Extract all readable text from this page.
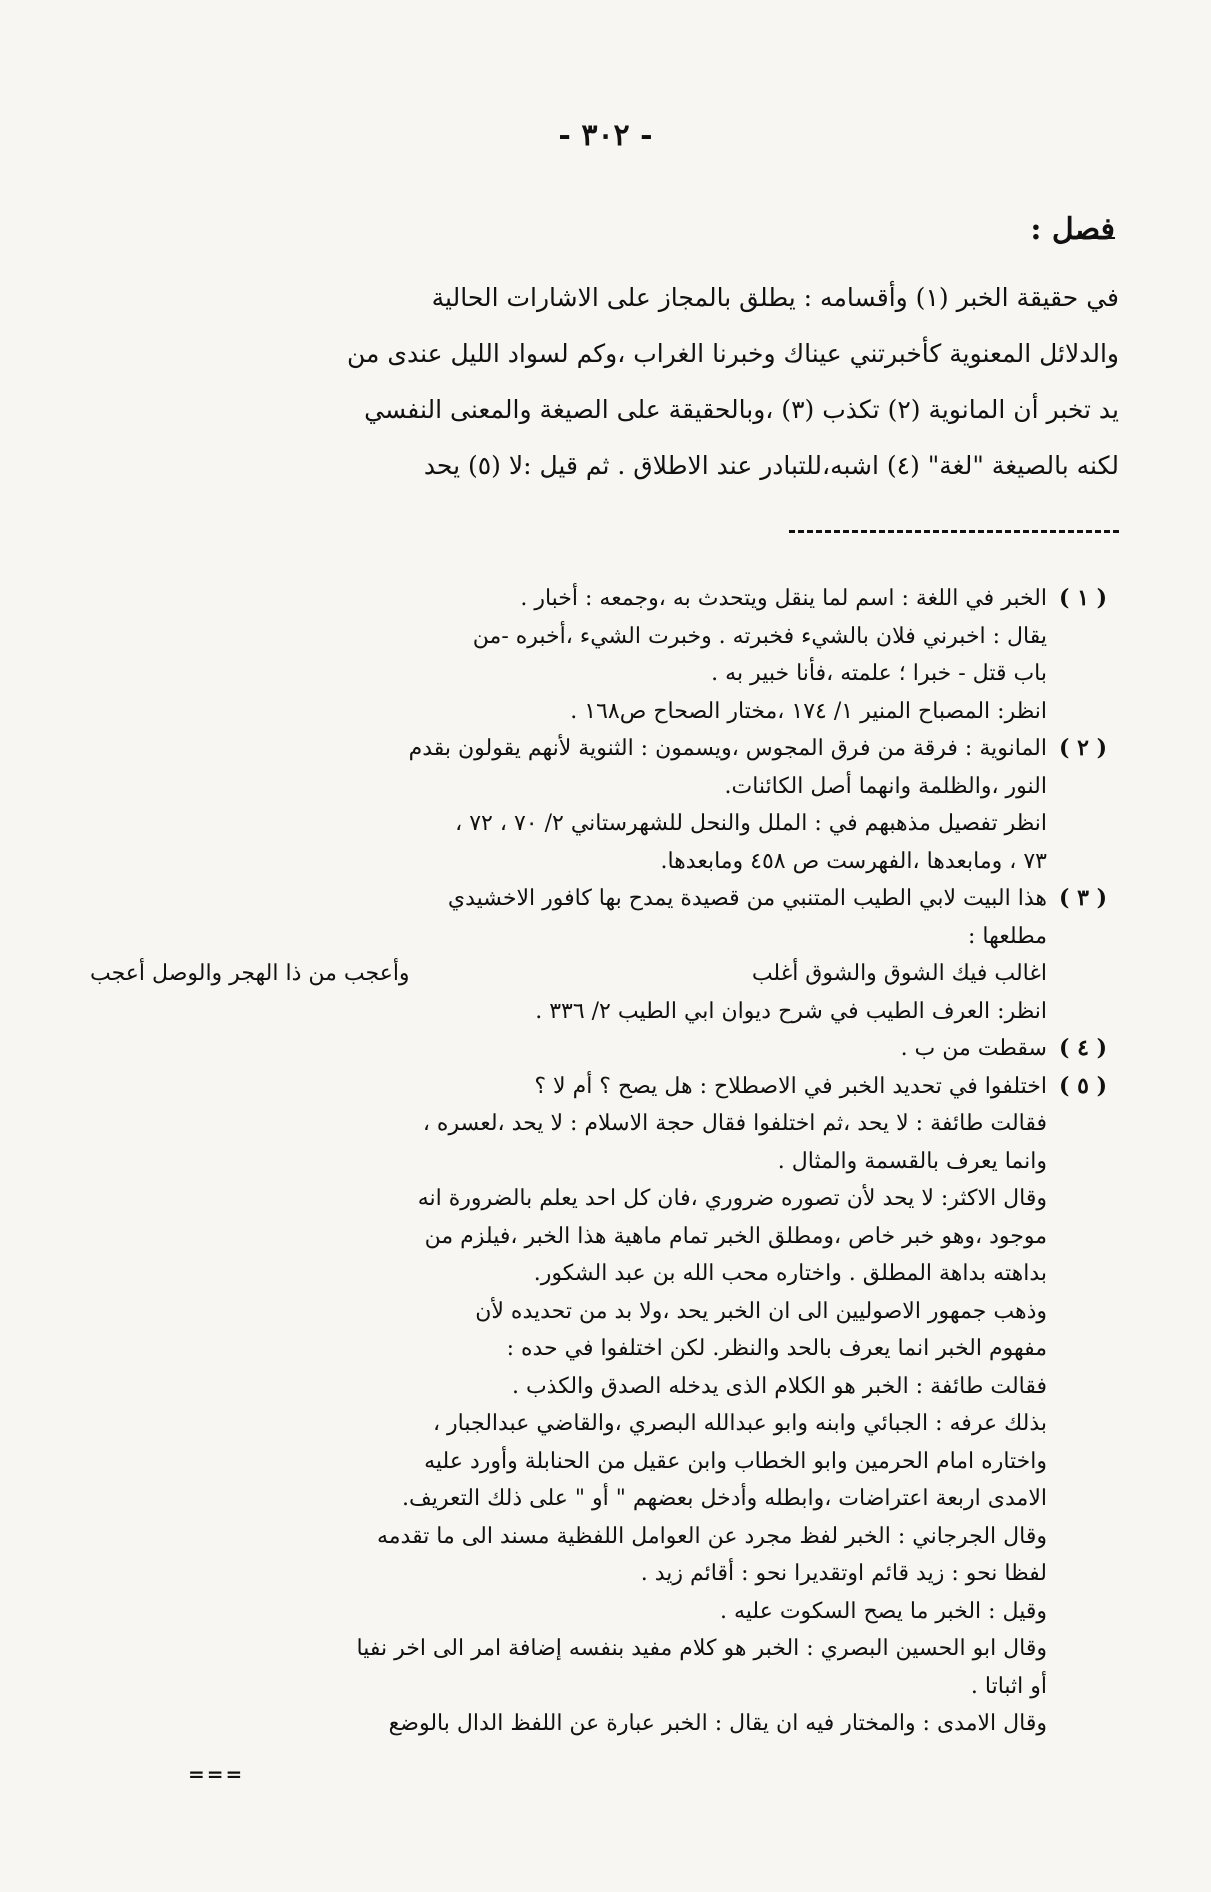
- ٣٠٢ -
فصل :

في حقيقة الخبر (١) وأقسامه : يطلق بالمجاز على الاشارات الحالية

والدلائل المعنوية كأخبرتني عيناك وخبرنا الغراب ،وكم لسواد الليل عندى من

يد تخبر أن المانوية (٢) تكذب (٣) ،وبالحقيقة على الصيغة والمعنى النفسي

لكنه بالصيغة "لغة" (٤) اشبه،للتبادر عند الاطلاق . ثم قيل :لا (٥) يحد

( ١ )
الخبر في اللغة : اسم لما ينقل ويتحدث به ،وجمعه : أخبار .
يقال : اخبرني فلان بالشيء فخبرته . وخبرت الشيء ،أخبره -من
باب قتل - خبرا ؛ علمته ،فأنا خبير به .
انظر: المصباح المنير ١/ ١٧٤ ،مختار الصحاح ص١٦٨ .
( ٢ )
المانوية : فرقة من فرق المجوس ،ويسمون : الثنوية لأنهم يقولون بقدم
النور ،والظلمة وانهما أصل الكائنات.
انظر تفصيل مذهبهم في : الملل والنحل للشهرستاني ٢/ ٧٠ ، ٧٢ ،
٧٣ ، ومابعدها ،الفهرست ص ٤٥٨ ومابعدها.
( ٣ )
هذا البيت لابي الطيب المتنبي من قصيدة يمدح بها كافور الاخشيدي
مطلعها :
اغالب فيك الشوق والشوق أغلب
وأعجب من ذا الهجر والوصل أعجب
انظر: العرف الطيب في شرح ديوان ابي الطيب ٢/ ٣٣٦ .
( ٤ )
سقطت من ب .
( ٥ )
اختلفوا في تحديد الخبر في الاصطلاح : هل يصح ؟ أم لا ؟
فقالت طائفة : لا يحد ،ثم اختلفوا فقال حجة الاسلام : لا يحد ،لعسره ،
وانما يعرف بالقسمة والمثال .
وقال الاكثر: لا يحد لأن تصوره ضروري ،فان كل احد يعلم بالضرورة انه
موجود ،وهو خبر خاص ،ومطلق الخبر تمام ماهية هذا الخبر ،فيلزم من
بداهته بداهة المطلق . واختاره محب الله بن عبد الشكور.
وذهب جمهور الاصوليين الى ان الخبر يحد ،ولا بد من تحديده لأن
مفهوم الخبر انما يعرف بالحد والنظر. لكن اختلفوا في حده :
فقالت طائفة : الخبر هو الكلام الذى يدخله الصدق والكذب .
بذلك عرفه : الجبائي وابنه وابو عبدالله البصري ،والقاضي عبدالجبار ،
واختاره امام الحرمين وابو الخطاب وابن عقيل من الحنابلة وأورد عليه
الامدى اربعة اعتراضات ،وابطله وأدخل بعضهم " أو " على ذلك التعريف.
وقال الجرجاني : الخبر لفظ مجرد عن العوامل اللفظية مسند الى ما تقدمه
لفظا نحو : زيد قائم اوتقديرا نحو : أقائم زيد .
وقيل : الخبر ما يصح السكوت عليه .
وقال ابو الحسين البصري : الخبر هو كلام مفيد بنفسه إضافة امر الى اخر نفيا
أو اثباتا .
وقال الامدى : والمختار فيه ان يقال : الخبر عبارة عن اللفظ الدال بالوضع
===
